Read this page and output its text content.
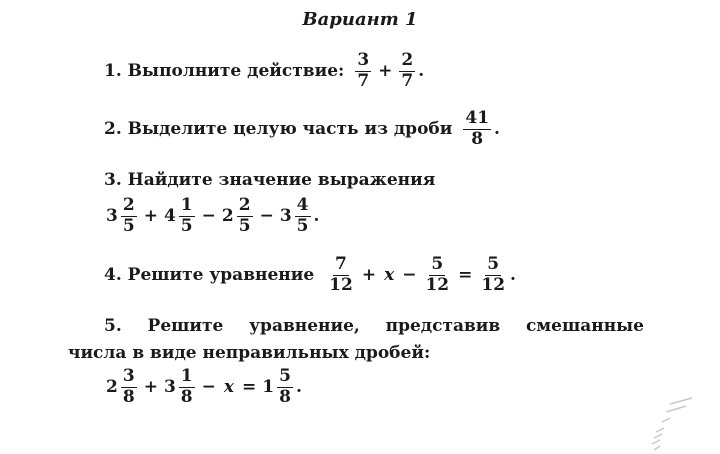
Вариант 1
1. Выполните действие: $\frac{3}{7} + \frac{2}{7}$ .
2. Выделите целую часть из дроби $\frac{41}{8}$ .
3. Найдите значение выражения
$3 \frac{2}{5} + 4 \frac{1}{5} - 2 \frac{2}{5} - 3 \frac{4}{5}$ .
4. Решите уравнение $\frac{7}{12} + x - \frac{5}{12} = \frac{5}{12}$ .
5. Решите уравнение, представив смешанные
числа в виде неправильных дробей:
$2 \frac{3}{8} + 3 \frac{1}{8} - x = 1 \frac{5}{8}$ .
